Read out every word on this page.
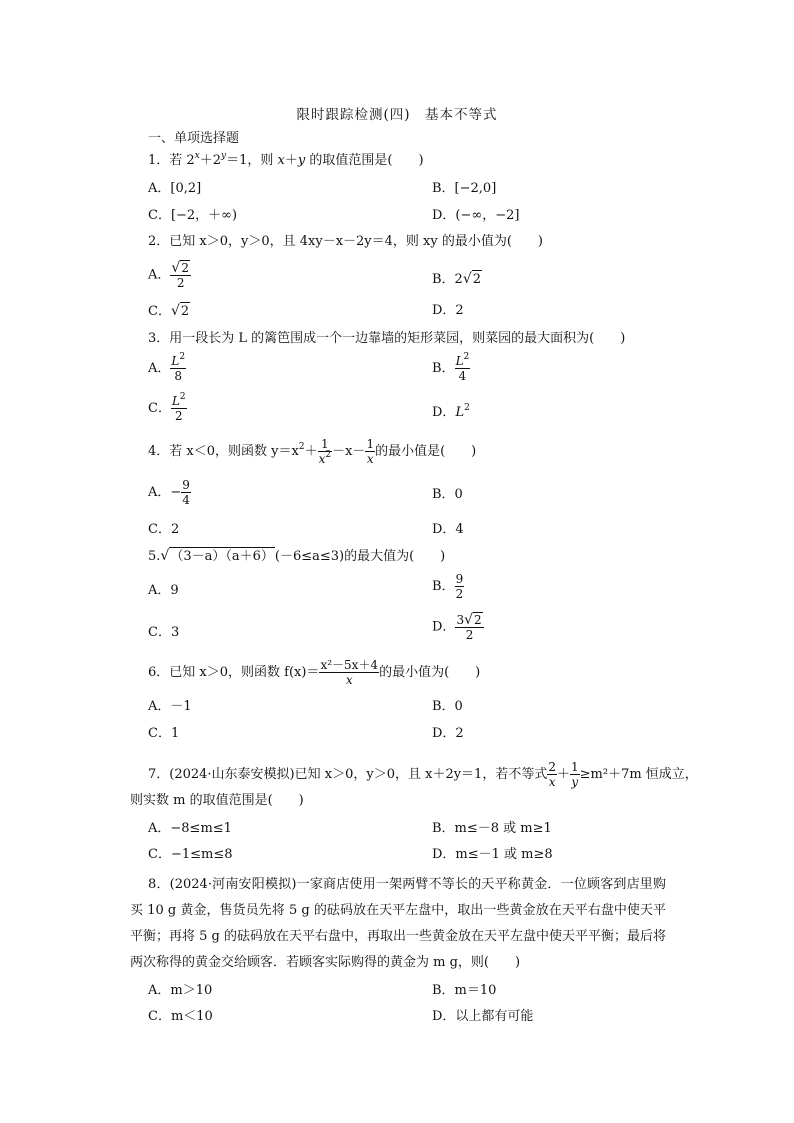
限时跟踪检测(四)　基本不等式
一、单项选择题
1．若 $2^x+2^y=1$，则 x＋y 的取值范围是(　　)
A．[0,2]	B．[−2,0]
C．[−2，＋∞)	D．(−∞，−2]
2．已知 x＞0，y＞0，且 4xy－x－2y＝4，则 xy 的最小值为(　　)
A． $\frac{√2}{2}$	B．2√2
C．√2	D．2
3．用一段长为 L 的篱笆围成一个一边靠墙的矩形菜园，则菜园的最大面积为(　　)
A． $\frac{L^2}{8}$	B． $\frac{L^2}{4}$
C． $\frac{L^2}{2}$	D．$L^2$
4．若 x＜0，则函数 $y=x^2+ \frac{1}{x^2} -x- \frac{1}{x}$ 的最小值是(　　)
A．− $\frac{9}{4}$	B．0
C．2	D．4
5.√（3－a）（a＋6）(－6≤a≤3)的最大值为(　　)
A．9	B． $\frac{9}{2}$
C．3	D． $\frac{3√2}{2}$
6．已知 x＞0，则函数 $f(x)= \frac{\text{x²－5x＋4}}{x}$ 的最小值为(　　)
A．－1	B．0
C．1	D．2
7．(2024·山东泰安模拟)已知 x＞0，y＞0，且 x＋2y＝1，若不等式 $\frac{2}{x} + \frac{1}{y} \ge m^2+7m$ 恒成立，
则实数 m 的取值范围是(　　)
A．−8≤m≤1	B．m≤－8 或 m≥1
C．−1≤m≤8	D．m≤－1 或 m≥8
8．(2024·河南安阳模拟)一家商店使用一架两臂不等长的天平称黄金．一位顾客到店里购买 10 g 黄金，售货员先将 5 g 的砝码放在天平左盘中，取出一些黄金放在天平右盘中使天平平衡；再将 5 g 的砝码放在天平右盘中，再取出一些黄金放在天平左盘中使天平平衡；最后将两次称得的黄金交给顾客．若顾客实际购得的黄金为 m g，则(　　)
A．m＞10	B．m＝10
C．m＜10	D．以上都有可能
